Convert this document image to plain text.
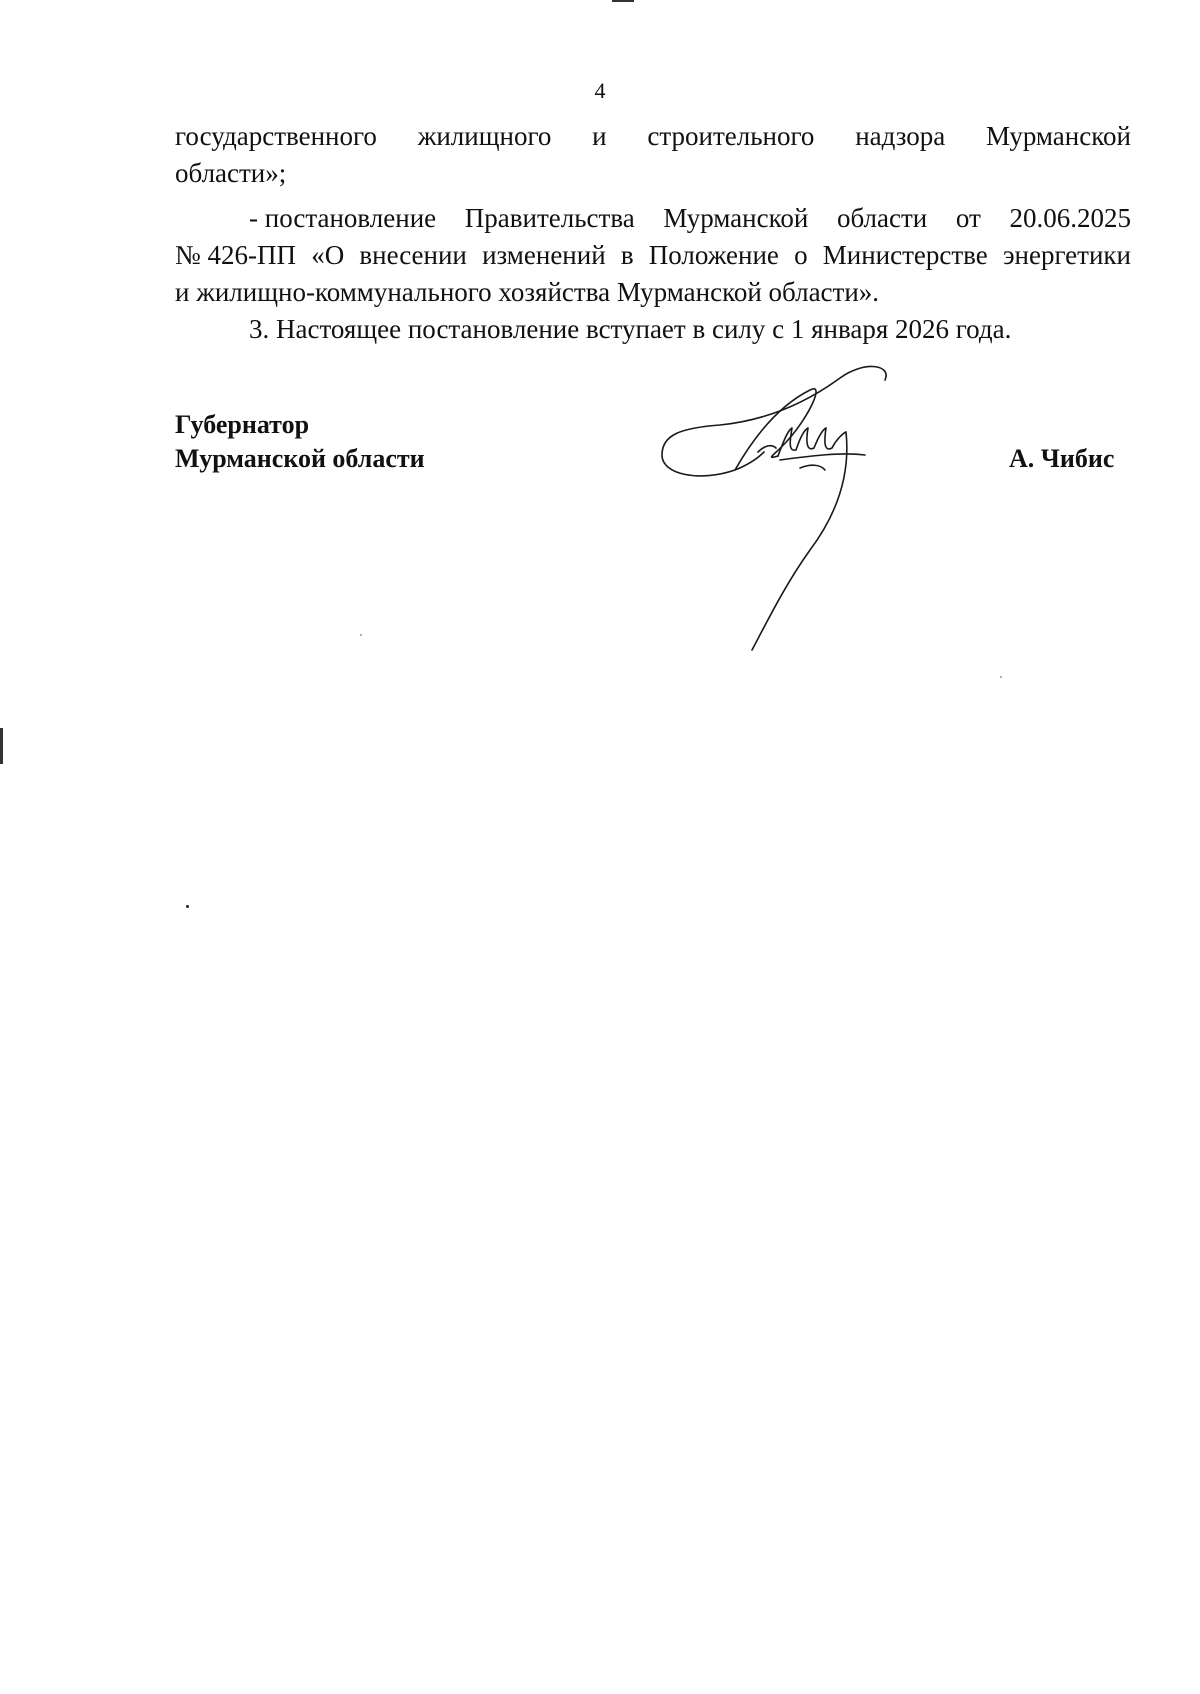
4
государственного жилищного и строительного надзора Мурманской
области»;
- постановление Правительства Мурманской области от 20.06.2025
№ 426-ПП «О внесении изменений в Положение о Министерстве энергетики
и жилищно-коммунального хозяйства Мурманской области».
3. Настоящее постановление вступает в силу с 1 января 2026 года.
Губернатор
Мурманской области	А. Чибис
